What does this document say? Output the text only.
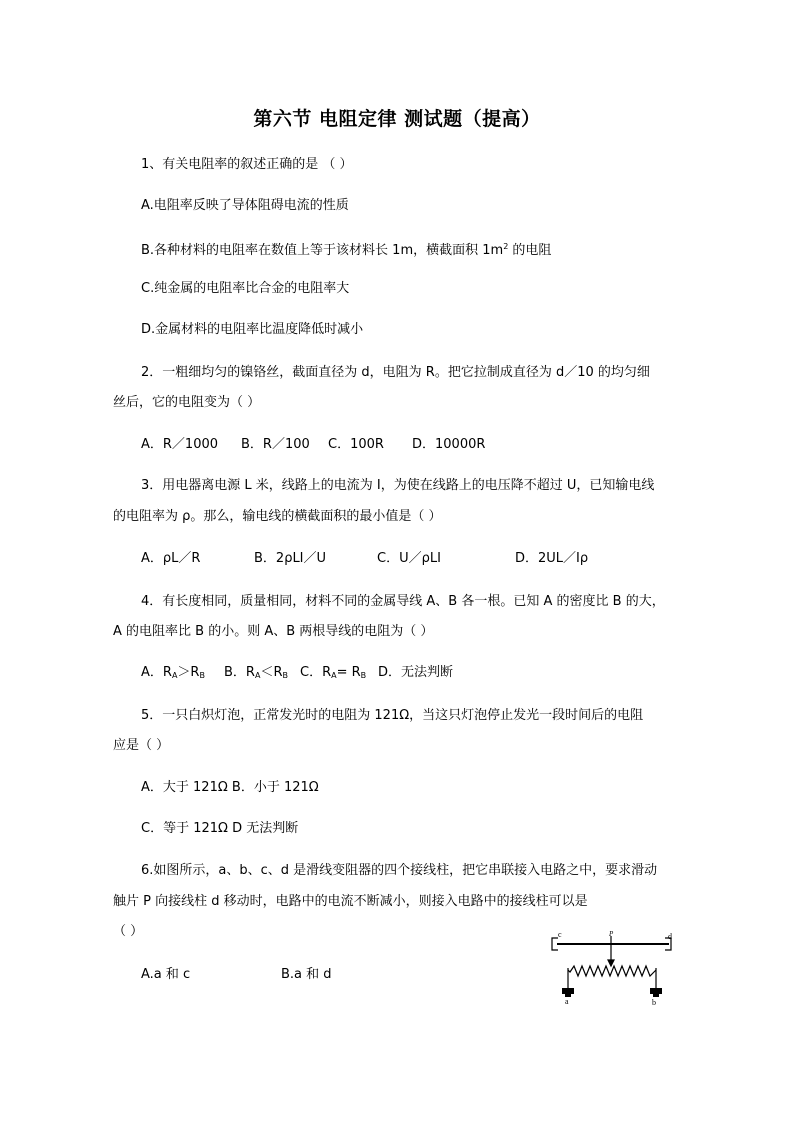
第六节 电阻定律 测试题（提高）
1、有关电阻率的叙述正确的是 （ ）
A.电阻率反映了导体阻碍电流的性质
B.各种材料的电阻率在数值上等于该材料长 1m，横截面积 $1m^2$ 的电阻
C.纯金属的电阻率比合金的电阻率大
D.金属材料的电阻率比温度降低时减小
2．一粗细均匀的镍铬丝，截面直径为 d，电阻为 R。把它拉制成直径为 d／10 的均匀细
丝后，它的电阻变为（ ）
A．R／1000 B．R／100 C．100R D．10000R
3．用电器离电源 L 米，线路上的电流为 I，为使在线路上的电压降不超过 U，已知输电线
的电阻率为 ρ。那么，输电线的横截面积的最小值是（ ）
A．ρL／R	B．2ρLI／U	C．U／ρLI	D．2UL／Iρ
4．有长度相同，质量相同，材料不同的金属导线 A、B 各一根。已知 A 的密度比 B 的大，
A 的电阻率比 B 的小。则 A、B 两根导线的电阻为（ ）
A．$R_A>R_B$ B．$R_A<R_B$ C．$R_A= R_B$ D．无法判断
5．一只白炽灯泡，正常发光时的电阻为 121Ω，当这只灯泡停止发光一段时间后的电阻
应是（ ）
A．大于 121Ω B．小于 121Ω
C．等于 121Ω D 无法判断
6.如图所示，a、b、c、d 是滑线变阻器的四个接线柱，把它串联接入电路之中，要求滑动
触片 P 向接线柱 d 移动时，电路中的电流不断减小，则接入电路中的接线柱可以是
（ ）
A.a 和 c	B.a 和 d
c	d
P
a	b
